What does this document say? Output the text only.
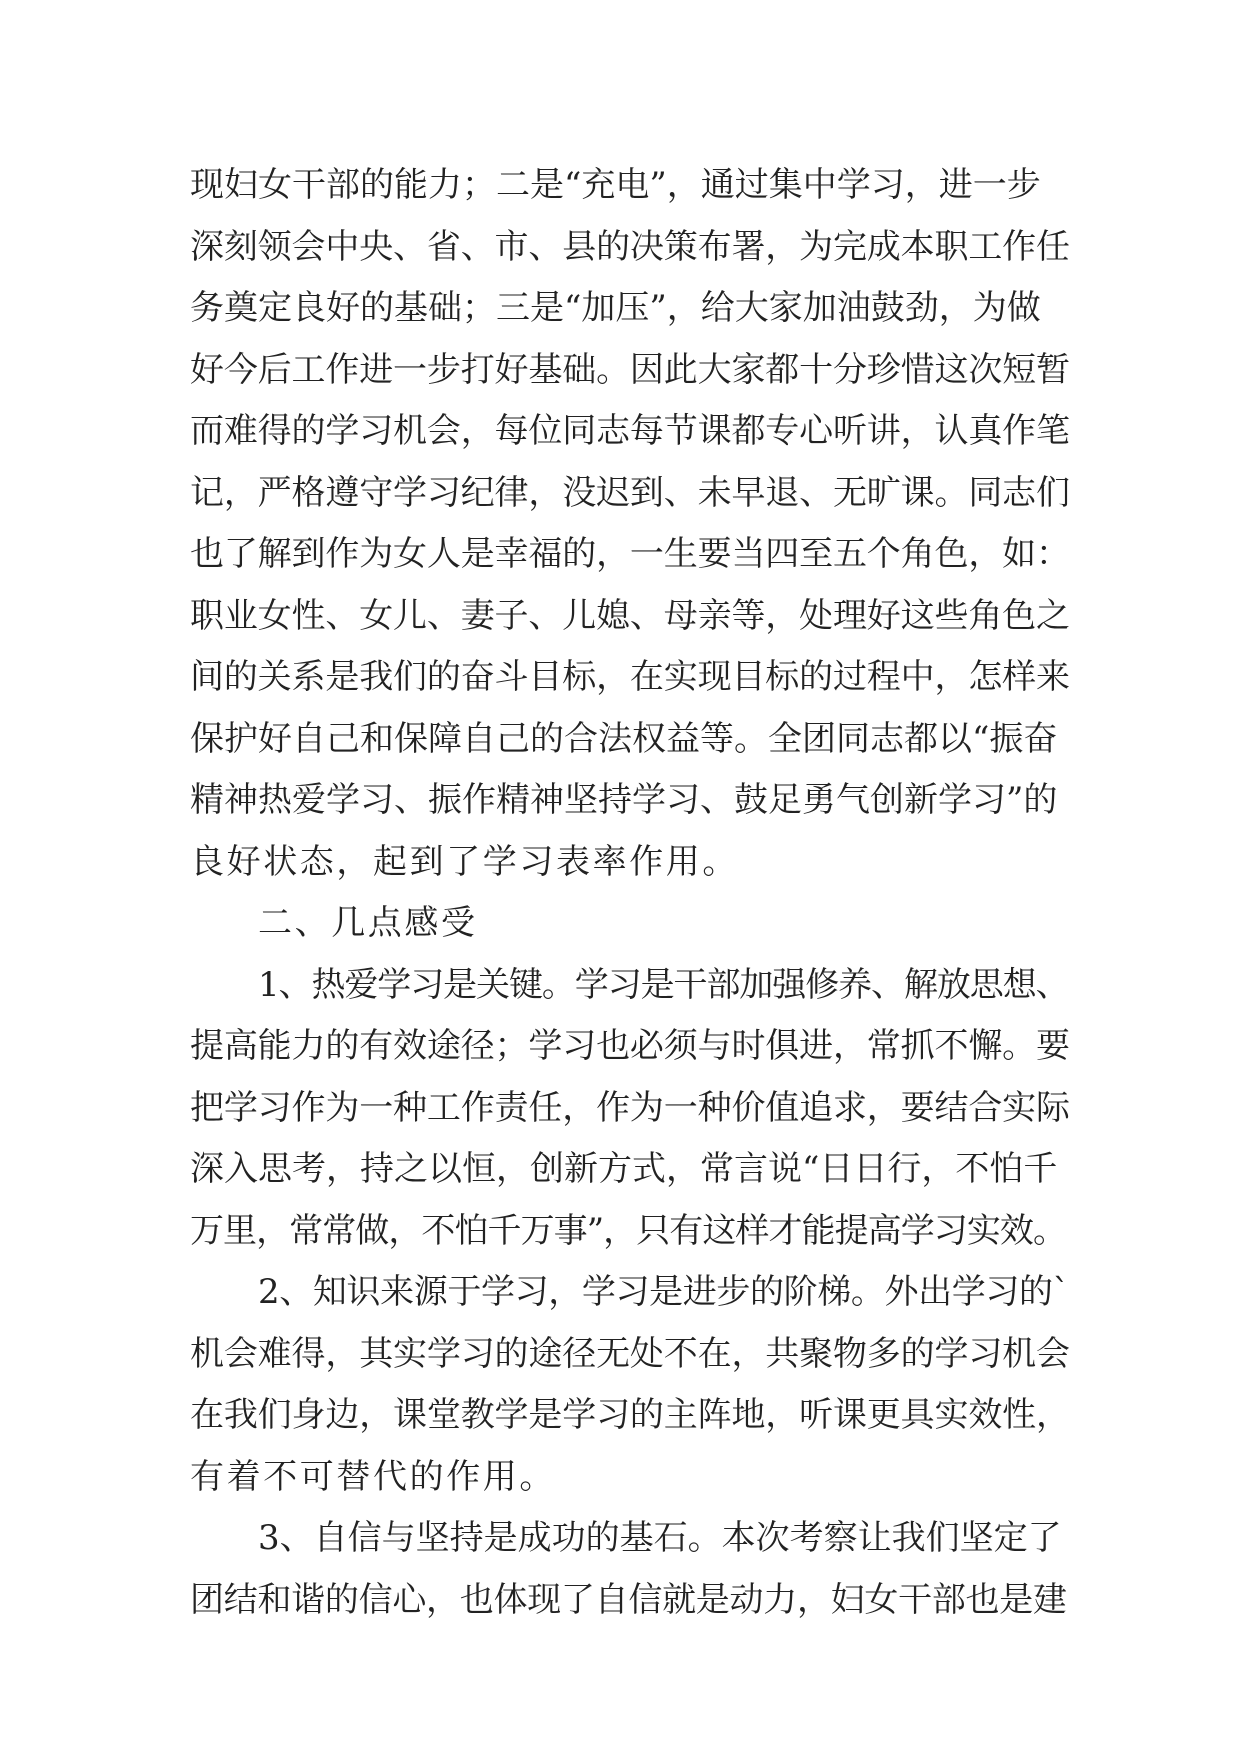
现妇女干部的能力；二是“充电”，通过集中学习，进一步
深刻领会中央、省、市、县的决策布署，为完成本职工作任
务奠定良好的基础；三是“加压”，给大家加油鼓劲，为做
好今后工作进一步打好基础。因此大家都十分珍惜这次短暂
而难得的学习机会，每位同志每节课都专心听讲，认真作笔
记，严格遵守学习纪律，没迟到、未早退、无旷课。同志们
也了解到作为女人是幸福的，一生要当四至五个角色，如：
职业女性、女儿、妻子、儿媳、母亲等，处理好这些角色之
间的关系是我们的奋斗目标，在实现目标的过程中，怎样来
保护好自己和保障自己的合法权益等。全团同志都以“振奋
精神热爱学习、振作精神坚持学习、鼓足勇气创新学习”的
良好状态，起到了学习表率作用。
二、几点感受
1、热爱学习是关键。学习是干部加强修养、解放思想、
提高能力的有效途径；学习也必须与时俱进，常抓不懈。要
把学习作为一种工作责任，作为一种价值追求，要结合实际
深入思考，持之以恒，创新方式，常言说“日日行，不怕千
万里，常常做，不怕千万事”，只有这样才能提高学习实效。
2、知识来源于学习，学习是进步的阶梯。外出学习的`
机会难得，其实学习的途径无处不在，共聚物多的学习机会
在我们身边，课堂教学是学习的主阵地，听课更具实效性，
有着不可替代的作用。
3、自信与坚持是成功的基石。本次考察让我们坚定了
团结和谐的信心，也体现了自信就是动力，妇女干部也是建
